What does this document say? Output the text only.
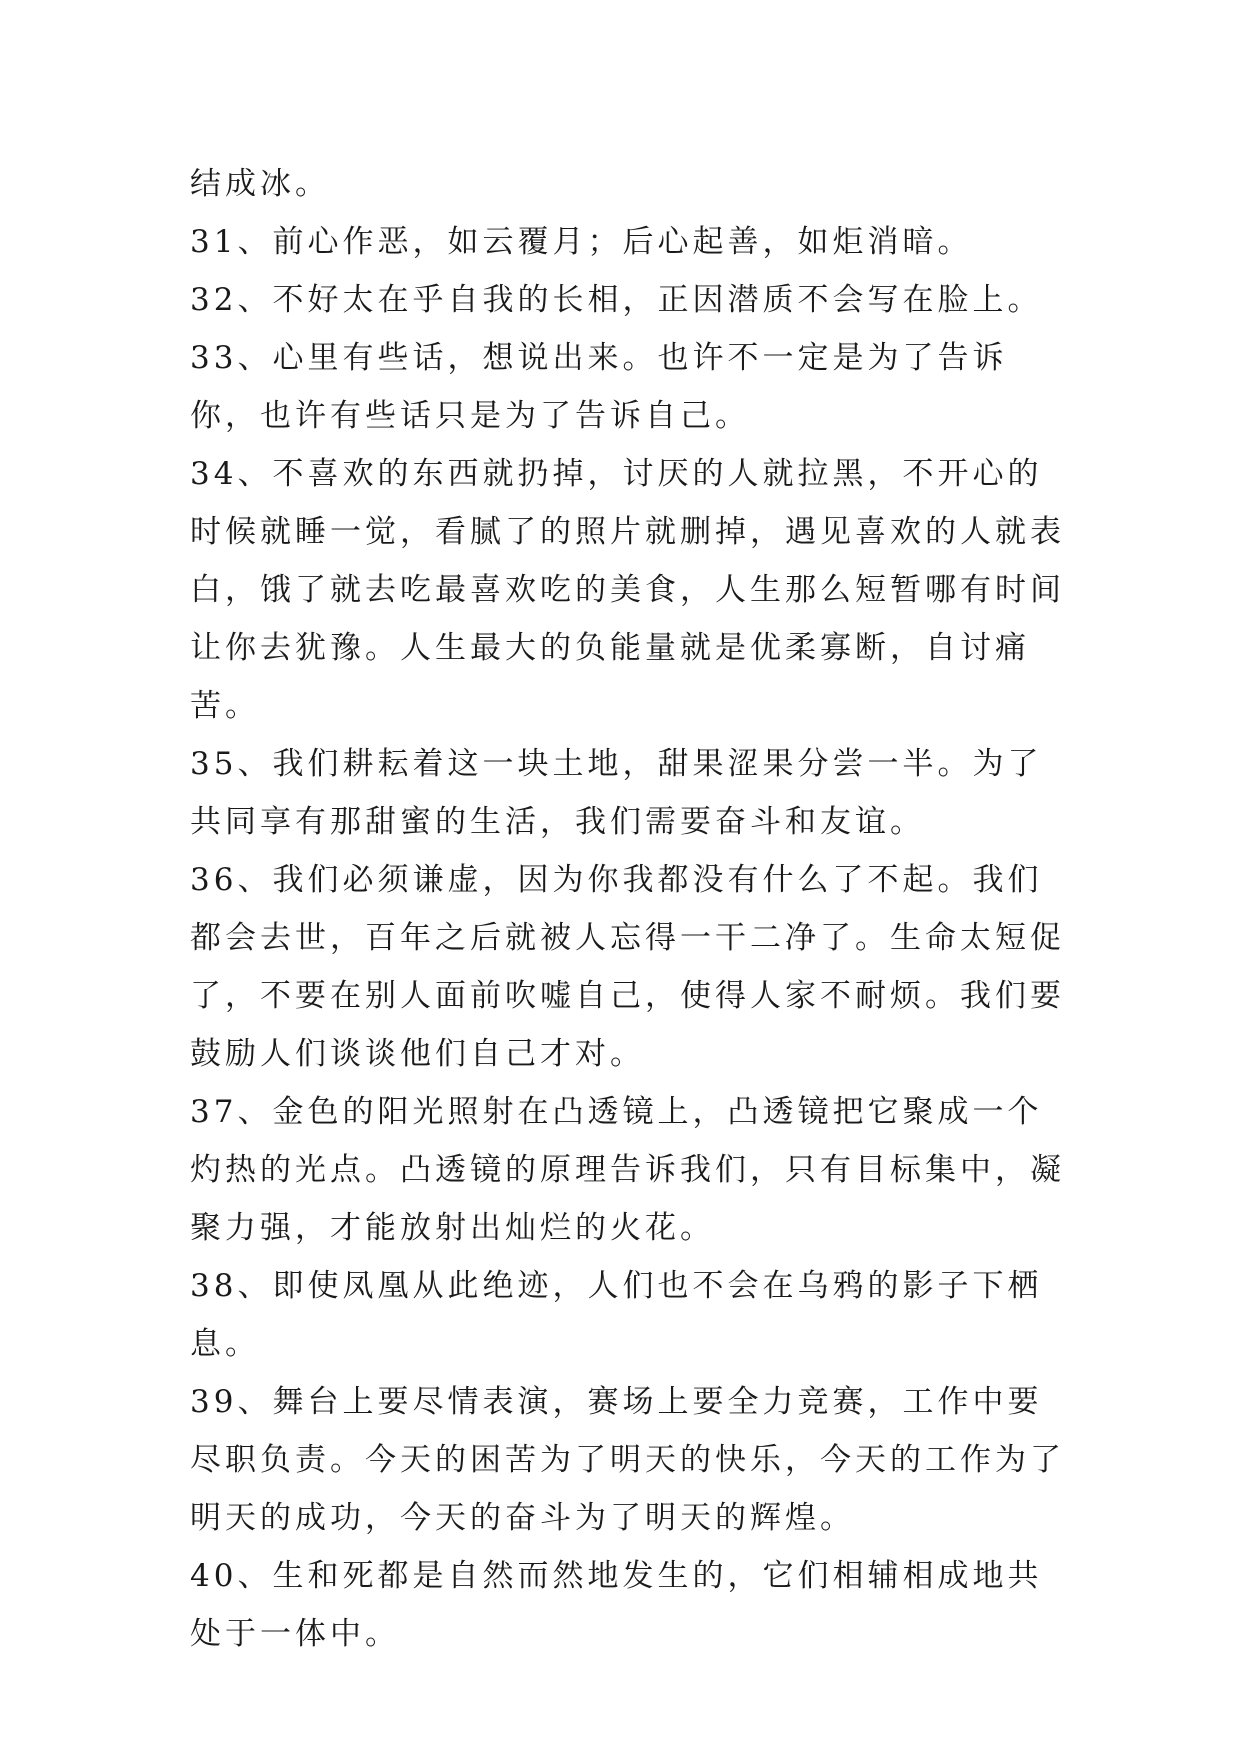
结成冰。

31、前心作恶，如云覆月；后心起善，如炬消暗。

32、不好太在乎自我的长相，正因潜质不会写在脸上。

33、心里有些话，想说出来。也许不一定是为了告诉你，也许有些话只是为了告诉自己。

34、不喜欢的东西就扔掉，讨厌的人就拉黑，不开心的时候就睡一觉，看腻了的照片就删掉，遇见喜欢的人就表白，饿了就去吃最喜欢吃的美食，人生那么短暂哪有时间让你去犹豫。人生最大的负能量就是优柔寡断，自讨痛苦。

35、我们耕耘着这一块土地，甜果涩果分尝一半。为了共同享有那甜蜜的生活，我们需要奋斗和友谊。

36、我们必须谦虚，因为你我都没有什么了不起。我们都会去世，百年之后就被人忘得一干二净了。生命太短促了，不要在别人面前吹嘘自己，使得人家不耐烦。我们要鼓励人们谈谈他们自己才对。

37、金色的阳光照射在凸透镜上，凸透镜把它聚成一个灼热的光点。凸透镜的原理告诉我们，只有目标集中，凝聚力强，才能放射出灿烂的火花。

38、即使凤凰从此绝迹，人们也不会在乌鸦的影子下栖息。

39、舞台上要尽情表演，赛场上要全力竞赛，工作中要尽职负责。今天的困苦为了明天的快乐，今天的工作为了明天的成功，今天的奋斗为了明天的辉煌。

40、生和死都是自然而然地发生的，它们相辅相成地共处于一体中。
